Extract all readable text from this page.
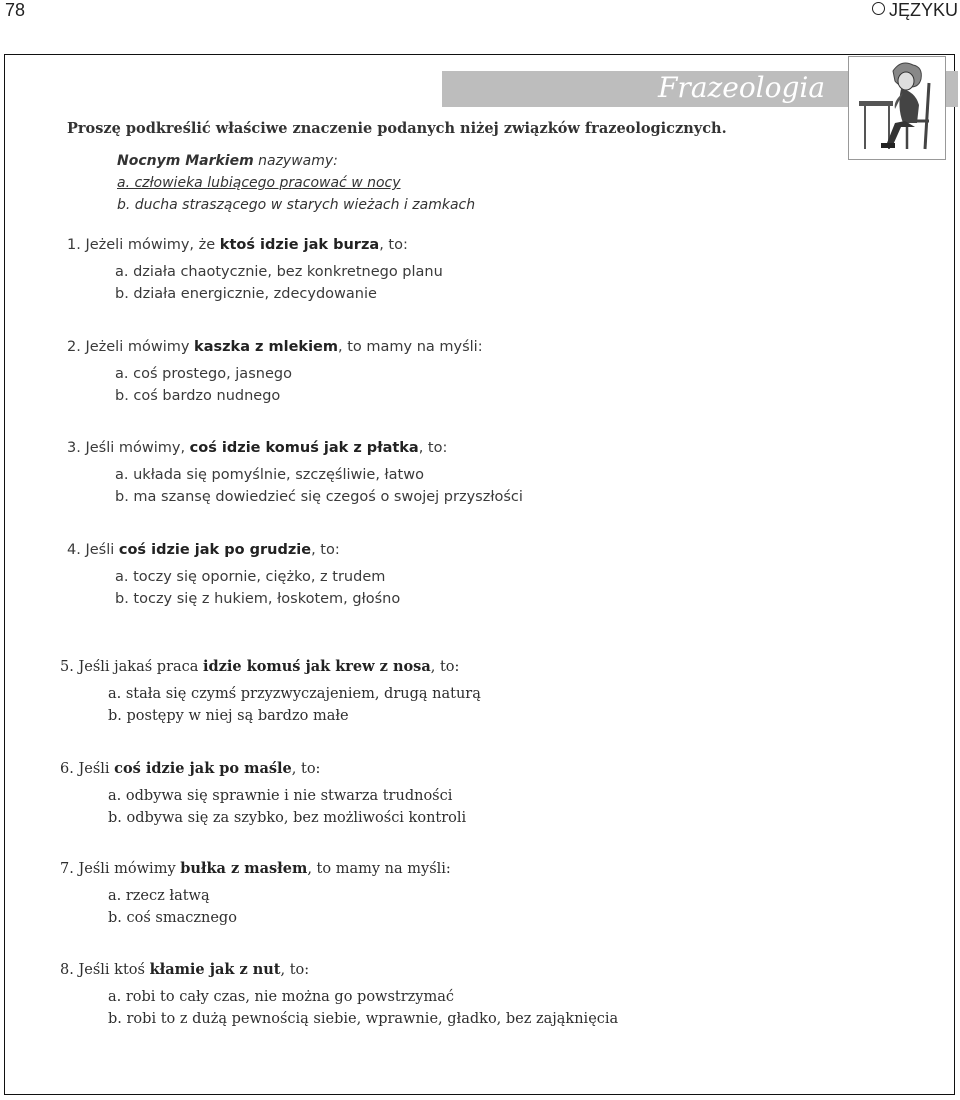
78	JĘZYKU
Frazeologia
Proszę podkreślić właściwe znaczenie podanych niżej związków frazeologicznych.
Nocnym Markiem nazywamy:
a. człowieka lubiącego pracować w nocy
b. ducha straszącego w starych wieżach i zamkach
1. Jeżeli mówimy, że ktoś idzie jak burza, to:
a. działa chaotycznie, bez konkretnego planu
b. działa energicznie, zdecydowanie
2. Jeżeli mówimy kaszka z mlekiem, to mamy na myśli:
a. coś prostego, jasnego
b. coś bardzo nudnego
3. Jeśli mówimy, coś idzie komuś jak z płatka, to:
a. układa się pomyślnie, szczęśliwie, łatwo
b. ma szansę dowiedzieć się czegoś o swojej przyszłości
4. Jeśli coś idzie jak po grudzie, to:
a. toczy się opornie, ciężko, z trudem
b. toczy się z hukiem, łoskotem, głośno
5. Jeśli jakaś praca idzie komuś jak krew z nosa, to:
a. stała się czymś przyzwyczajeniem, drugą naturą
b. postępy w niej są bardzo małe
6. Jeśli coś idzie jak po maśle, to:
a. odbywa się sprawnie i nie stwarza trudności
b. odbywa się za szybko, bez możliwości kontroli
7. Jeśli mówimy bułka z masłem, to mamy na myśli:
a. rzecz łatwą
b. coś smacznego
8. Jeśli ktoś kłamie jak z nut, to:
a. robi to cały czas, nie można go powstrzymać
b. robi to z dużą pewnością siebie, wprawnie, gładko, bez zająknięcia
